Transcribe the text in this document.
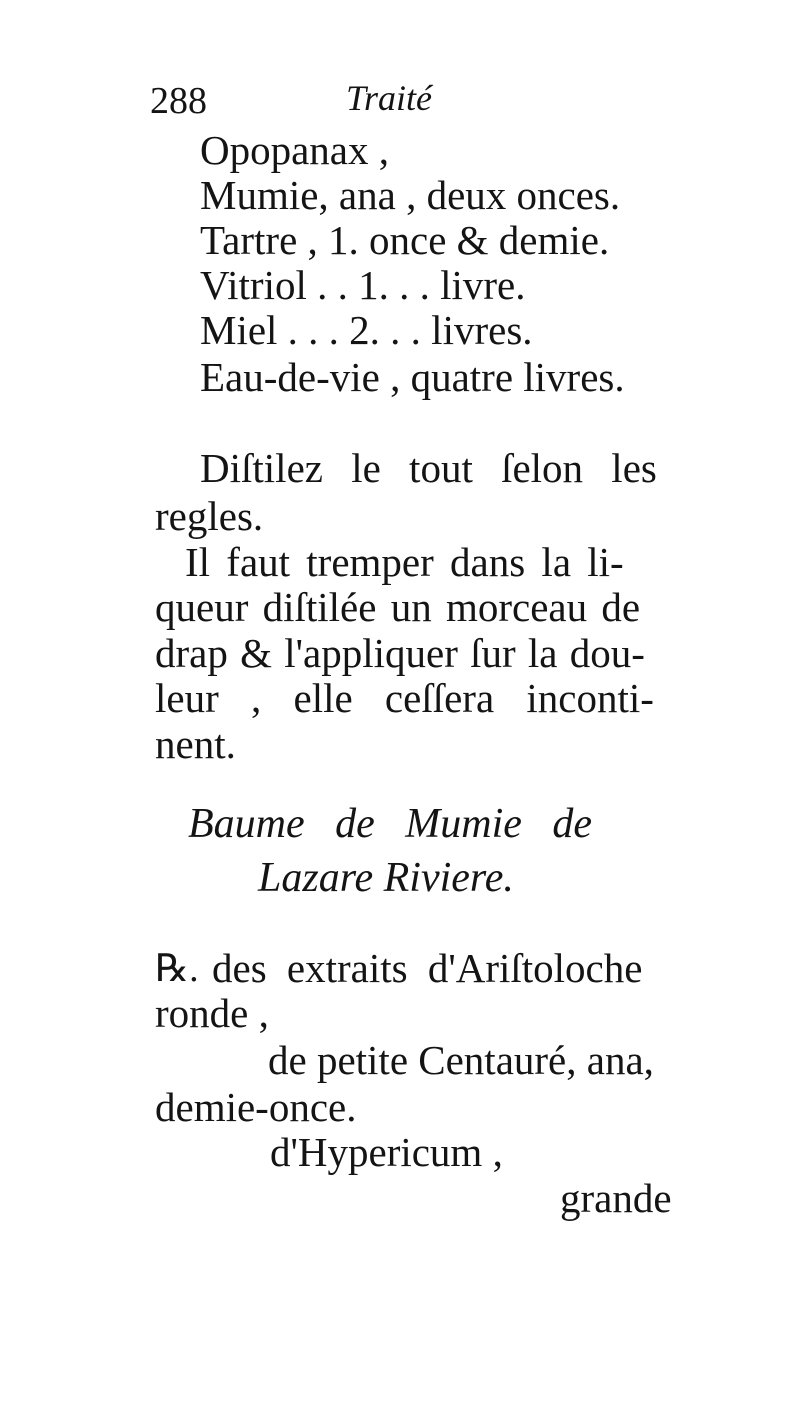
288	Traité
Opopanax ,
Mumie, ana , deux onces.
Tartre , 1. once & demie.
Vitriol . . 1. . . livre.
Miel . . . 2. . . livres.
Eau-de-vie , quatre livres.
Diſtilez le tout ſelon les
regles.
Il faut tremper dans la li-
queur diſtilée un morceau de
drap & l'appliquer ſur la dou-
leur , elle ceſſera inconti-
nent.
Baume de Mumie de
Lazare Riviere.
℞. des extraits d'Ariſtoloche
ronde ,
de petite Centauré, ana,
demie-once.
d'Hypericum ,
grande
